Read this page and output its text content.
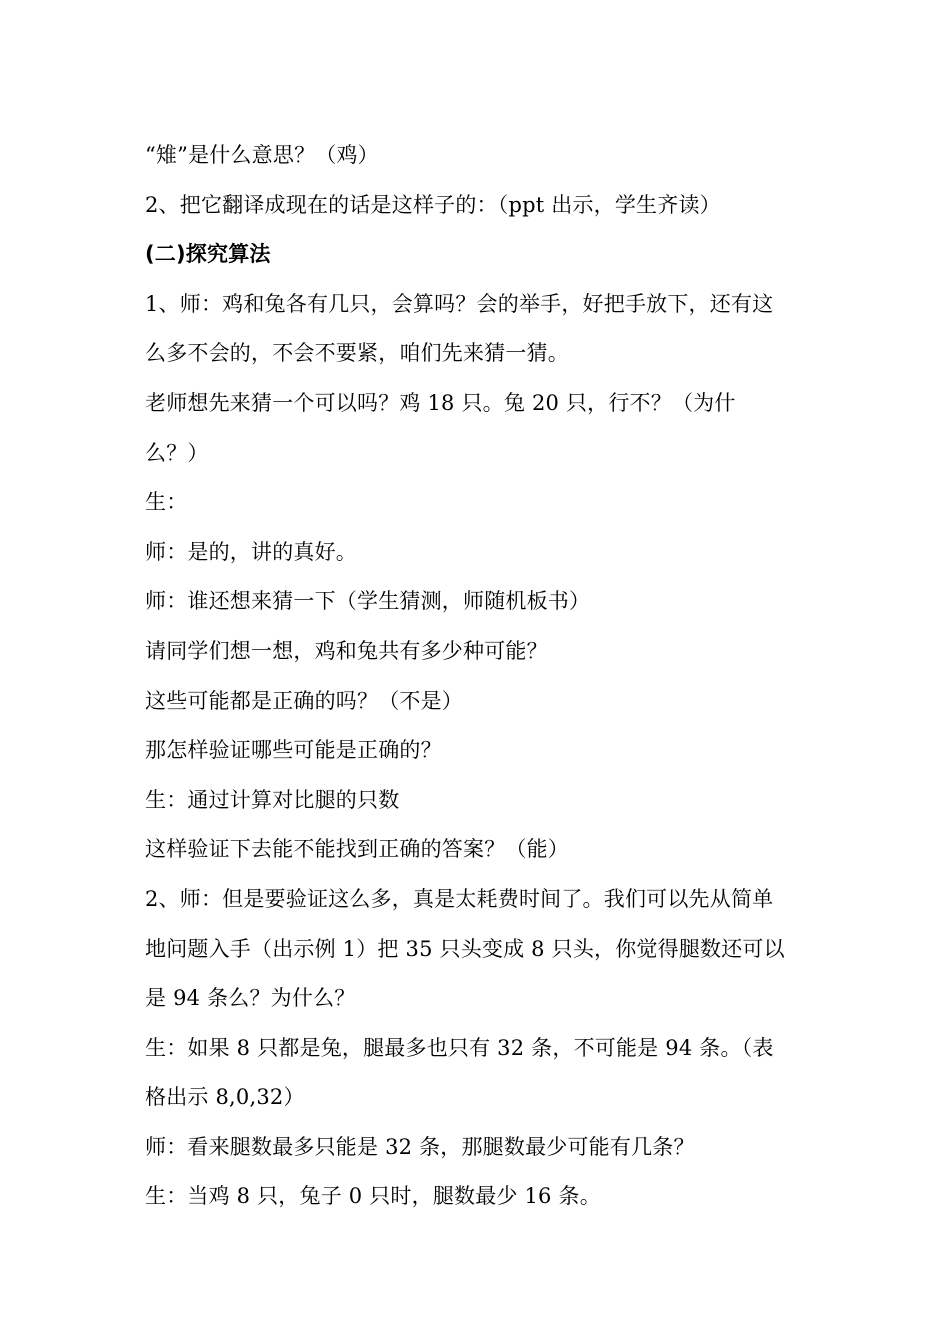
“雉”是什么意思？（鸡）
2、把它翻译成现在的话是这样子的：（ppt 出示，学生齐读）
(二)探究算法
1、师：鸡和兔各有几只，会算吗？会的举手，好把手放下，还有这
么多不会的，不会不要紧，咱们先来猜一猜。
老师想先来猜一个可以吗？鸡 18 只。兔 20 只，行不？（为什
么？）
生：
师：是的，讲的真好。
师：谁还想来猜一下（学生猜测，师随机板书）
请同学们想一想，鸡和兔共有多少种可能？
这些可能都是正确的吗？（不是）
那怎样验证哪些可能是正确的？
生：通过计算对比腿的只数
这样验证下去能不能找到正确的答案？（能）
2、师：但是要验证这么多，真是太耗费时间了。我们可以先从简单
地问题入手（出示例 1）把 35 只头变成 8 只头，你觉得腿数还可以
是 94 条么？为什么？
生：如果 8 只都是兔，腿最多也只有 32 条，不可能是 94 条。（表
格出示 8,0,32）
师：看来腿数最多只能是 32 条，那腿数最少可能有几条？
生：当鸡 8 只，兔子 0 只时，腿数最少 16 条。
